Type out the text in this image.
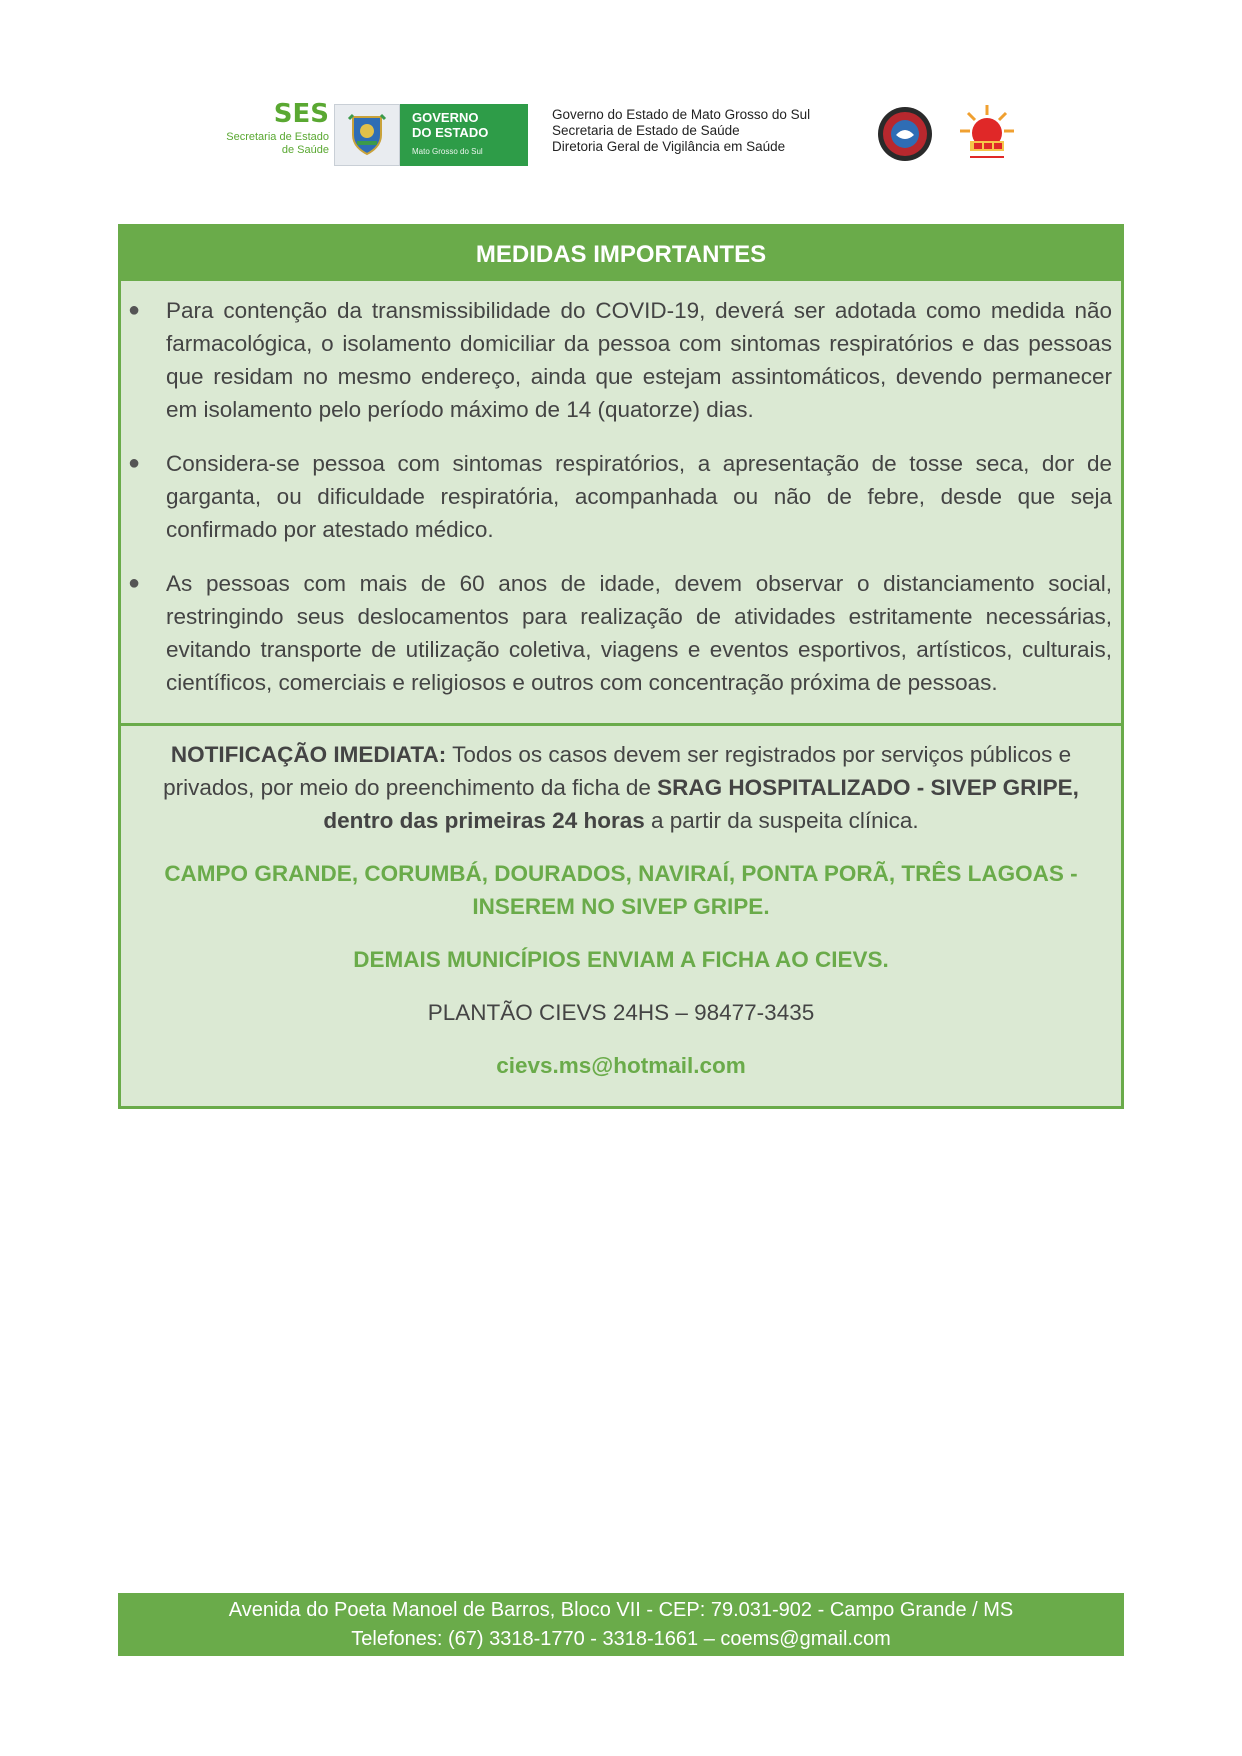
SES
Secretaria de Estado
de Saúde
GOVERNO
DO ESTADO
Mato Grosso do Sul
Governo do Estado de Mato Grosso do Sul
Secretaria de Estado de Saúde
Diretoria Geral de Vigilância em Saúde
MEDIDAS IMPORTANTES
● Para contenção da transmissibilidade do COVID-19, deverá ser adotada como medida não farmacológica, o isolamento domiciliar da pessoa com sintomas respiratórios e das pessoas que residam no mesmo endereço, ainda que estejam assintomáticos, devendo permanecer em isolamento pelo período máximo de 14 (quatorze) dias.
● Considera-se pessoa com sintomas respiratórios, a apresentação de tosse seca, dor de garganta, ou dificuldade respiratória, acompanhada ou não de febre, desde que seja confirmado por atestado médico.
● As pessoas com mais de 60 anos de idade, devem observar o distanciamento social, restringindo seus deslocamentos para realização de atividades estritamente necessárias, evitando transporte de utilização coletiva, viagens e eventos esportivos, artísticos, culturais, científicos, comerciais e religiosos e outros com concentração próxima de pessoas.

NOTIFICAÇÃO IMEDIATA: Todos os casos devem ser registrados por serviços públicos e privados, por meio do preenchimento da ficha de SRAG HOSPITALIZADO - SIVEP GRIPE, dentro das primeiras 24 horas a partir da suspeita clínica.

CAMPO GRANDE, CORUMBÁ, DOURADOS, NAVIRAÍ, PONTA PORÃ, TRÊS LAGOAS - INSEREM NO SIVEP GRIPE.

DEMAIS MUNICÍPIOS ENVIAM A FICHA AO CIEVS.

PLANTÃO CIEVS 24HS – 98477-3435

cievs.ms@hotmail.com

Avenida do Poeta Manoel de Barros, Bloco VII - CEP: 79.031-902 - Campo Grande / MS
Telefones: (67) 3318-1770 - 3318-1661 – coems@gmail.com
